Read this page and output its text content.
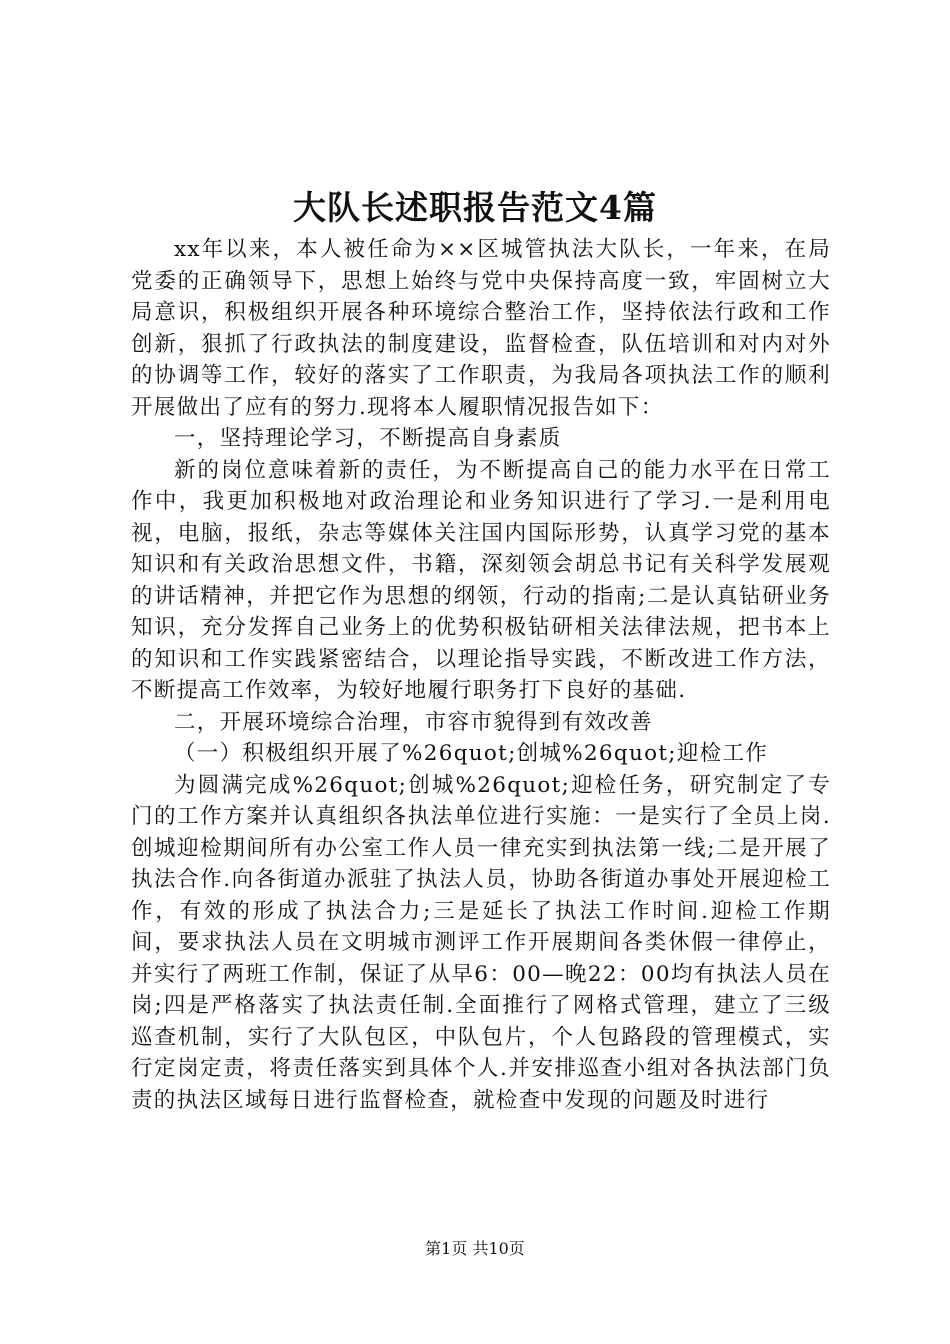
大队长述职报告范文4篇

xx年以来，本人被任命为××区城管执法大队长，一年来，在局党委的正确领导下，思想上始终与党中央保持高度一致，牢固树立大局意识，积极组织开展各种环境综合整治工作，坚持依法行政和工作创新，狠抓了行政执法的制度建设，监督检查，队伍培训和对内对外的协调等工作，较好的落实了工作职责，为我局各项执法工作的顺利开展做出了应有的努力.现将本人履职情况报告如下：

一，坚持理论学习，不断提高自身素质

新的岗位意味着新的责任，为不断提高自己的能力水平在日常工作中，我更加积极地对政治理论和业务知识进行了学习.一是利用电视，电脑，报纸，杂志等媒体关注国内国际形势，认真学习党的基本知识和有关政治思想文件，书籍，深刻领会胡总书记有关科学发展观的讲话精神，并把它作为思想的纲领，行动的指南;二是认真钻研业务知识，充分发挥自己业务上的优势积极钻研相关法律法规，把书本上的知识和工作实践紧密结合，以理论指导实践，不断改进工作方法，不断提高工作效率，为较好地履行职务打下良好的基础.

二，开展环境综合治理，市容市貌得到有效改善

（一）积极组织开展了%26quot;创城%26quot;迎检工作

为圆满完成%26quot;创城%26quot;迎检任务，研究制定了专门的工作方案并认真组织各执法单位进行实施：一是实行了全员上岗.创城迎检期间所有办公室工作人员一律充实到执法第一线;二是开展了执法合作.向各街道办派驻了执法人员，协助各街道办事处开展迎检工作，有效的形成了执法合力;三是延长了执法工作时间.迎检工作期间，要求执法人员在文明城市测评工作开展期间各类休假一律停止，并实行了两班工作制，保证了从早6：00—晚22：00均有执法人员在岗;四是严格落实了执法责任制.全面推行了网格式管理，建立了三级巡查机制，实行了大队包区，中队包片，个人包路段的管理模式，实行定岗定责，将责任落实到具体个人.并安排巡查小组对各执法部门负责的执法区域每日进行监督检查，就检查中发现的问题及时进行

第1页 共10页
